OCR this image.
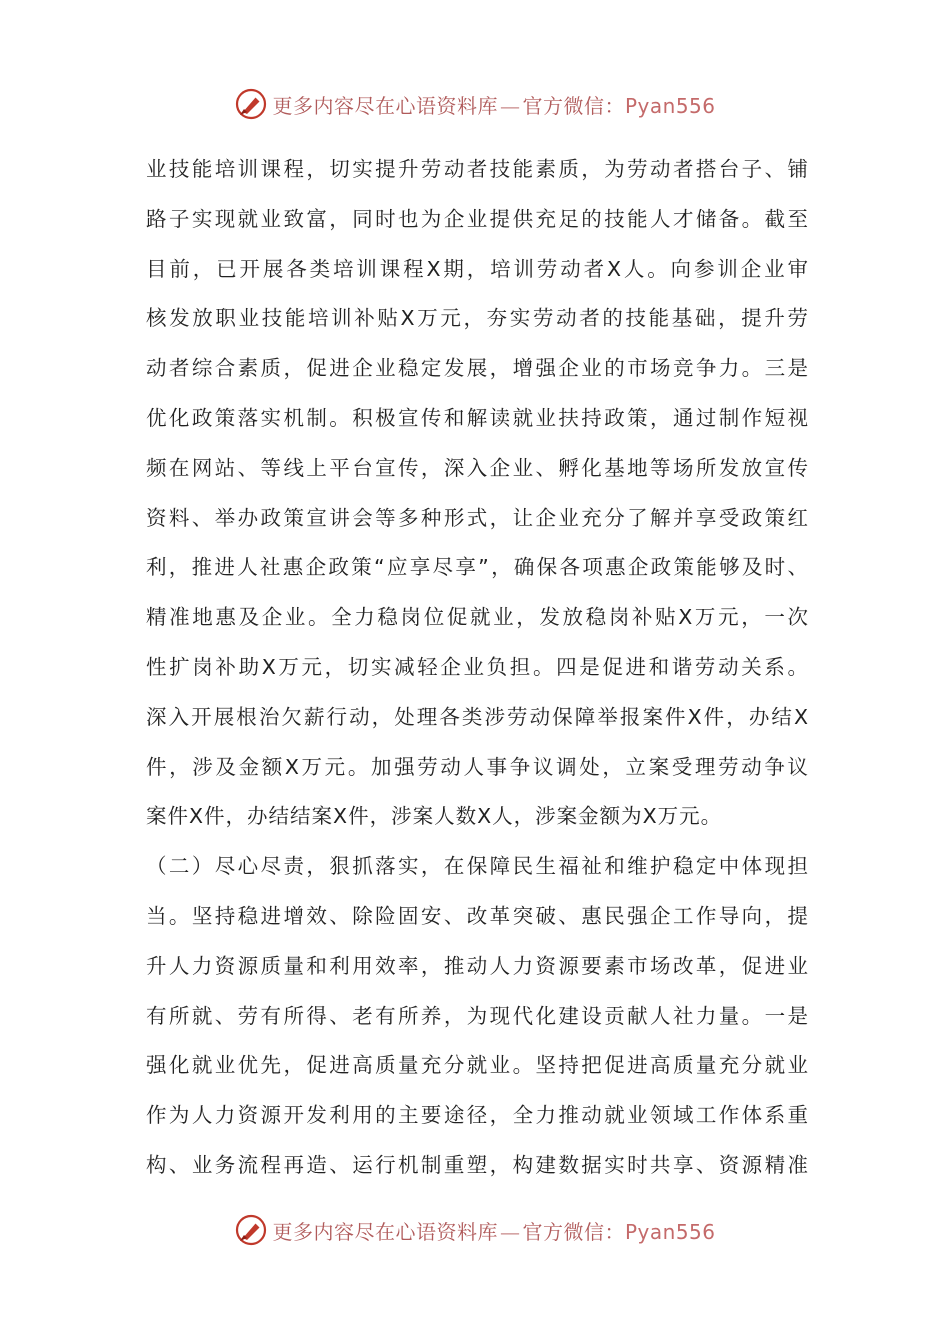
更多内容尽在心语资料库 — 官方微信：Pyan556
业技能培训课程，切实提升劳动者技能素质，为劳动者搭台子、铺
路子实现就业致富，同时也为企业提供充足的技能人才储备。截至
目前，已开展各类培训课程X期，培训劳动者X人。向参训企业审
核发放职业技能培训补贴X万元，夯实劳动者的技能基础，提升劳
动者综合素质，促进企业稳定发展，增强企业的市场竞争力。三是
优化政策落实机制。积极宣传和解读就业扶持政策，通过制作短视
频在网站、等线上平台宣传，深入企业、孵化基地等场所发放宣传
资料、举办政策宣讲会等多种形式，让企业充分了解并享受政策红
利，推进人社惠企政策“应享尽享”，确保各项惠企政策能够及时、
精准地惠及企业。全力稳岗位促就业，发放稳岗补贴X万元，一次
性扩岗补助X万元，切实减轻企业负担。四是促进和谐劳动关系。
深入开展根治欠薪行动，处理各类涉劳动保障举报案件X件，办结X
件，涉及金额X万元。加强劳动人事争议调处，立案受理劳动争议
案件X件，办结结案X件，涉案人数X人，涉案金额为X万元。
（二）尽心尽责，狠抓落实，在保障民生福祉和维护稳定中体现担
当。坚持稳进增效、除险固安、改革突破、惠民强企工作导向，提
升人力资源质量和利用效率，推动人力资源要素市场改革，促进业
有所就、劳有所得、老有所养，为现代化建设贡献人社力量。一是
强化就业优先，促进高质量充分就业。坚持把促进高质量充分就业
作为人力资源开发利用的主要途径，全力推动就业领域工作体系重
构、业务流程再造、运行机制重塑，构建数据实时共享、资源精准
更多内容尽在心语资料库 — 官方微信：Pyan556
